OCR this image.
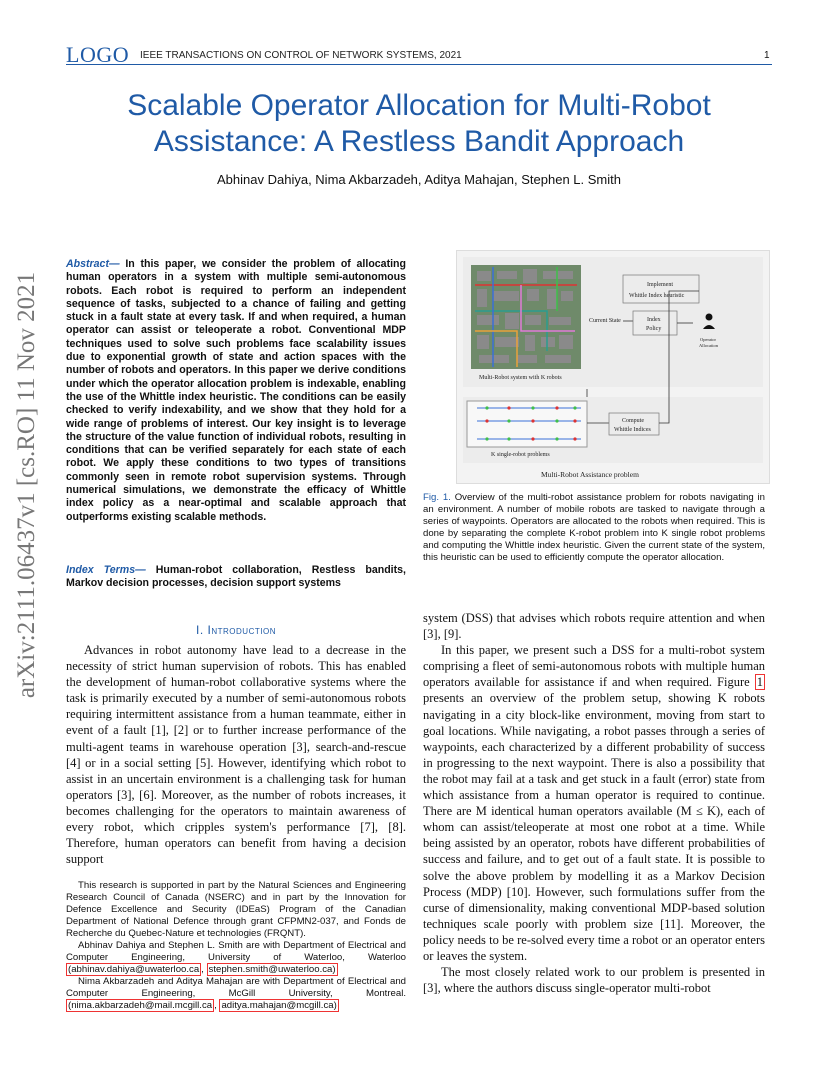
LOGO IEEE TRANSACTIONS ON CONTROL OF NETWORK SYSTEMS, 2021	1
Scalable Operator Allocation for Multi-Robot
Assistance: A Restless Bandit Approach
Abhinav Dahiya, Nima Akbarzadeh, Aditya Mahajan, Stephen L. Smith
arXiv:2111.06437v1 [cs.RO] 11 Nov 2021
Abstract— In this paper, we consider the problem of allocating human operators in a system with multiple semi-autonomous robots. Each robot is required to perform an independent sequence of tasks, subjected to a chance of failing and getting stuck in a fault state at every task. If and when required, a human operator can assist or teleoperate a robot. Conventional MDP techniques used to solve such problems face scalability issues due to exponential growth of state and action spaces with the number of robots and operators. In this paper we derive conditions under which the operator allocation problem is indexable, enabling the use of the Whittle index heuristic. The conditions can be easily checked to verify indexability, and we show that they hold for a wide range of problems of interest. Our key insight is to leverage the structure of the value function of individual robots, resulting in conditions that can be verified separately for each state of each robot. We apply these conditions to two types of transitions commonly seen in remote robot supervision systems. Through numerical simulations, we demonstrate the efficacy of Whittle index policy as a near-optimal and scalable approach that outperforms existing scalable methods.
Index Terms— Human-robot collaboration, Restless bandits, Markov decision processes, decision support systems
I. Introduction

Advances in robot autonomy have lead to a decrease in the necessity of strict human supervision of robots. This has enabled the development of human-robot collaborative systems where the task is primarily executed by a number of semi-autonomous robots requiring intermittent assistance from a human teammate, either in event of a fault [1], [2] or to further increase performance of the multi-agent teams in warehouse operation [3], search-and-rescue [4] or in a social setting [5]. However, identifying which robot to assist in an uncertain environment is a challenging task for human operators [3], [6]. Moreover, as the number of robots increases, it becomes challenging for the operators to maintain awareness of every robot, which cripples system's performance [7], [8]. Therefore, human operators can benefit from having a decision support

This research is supported in part by the Natural Sciences and Engineering Research Council of Canada (NSERC) and in part by the Innovation for Defence Excellence and Security (IDEaS) Program of the Canadian Department of National Defence through grant CFPMN2-037, and Fonds de Recherche du Quebec-Nature et technologies (FRQNT).

Abhinav Dahiya and Stephen L. Smith are with Department of Electrical and Computer Engineering, University of Waterloo, Waterloo (abhinav.dahiya@uwaterloo.ca , stephen.smith@uwaterloo.ca)

Nima Akbarzadeh and Aditya Mahajan are with Department of Electrical and Computer Engineering, McGill University, Montreal. (nima.akbarzadeh@mail.mcgill.ca , aditya.mahajan@mcgill.ca)

Multi-Robot system with K robots
Implement
Whittle Index heuristic
Current State	Index
Policy
Operator
Allocation
K single-robot problems
Compute
Whittle Indices
Multi-Robot Assistance problem
Fig. 1. Overview of the multi-robot assistance problem for robots navigating in an environment. A number of mobile robots are tasked to navigate through a series of waypoints. Operators are allocated to the robots when required. This is done by separating the complete K-robot problem into K single robot problems and computing the Whittle index heuristic. Given the current state of the system, this heuristic can be used to efficiently compute the operator allocation.

system (DSS) that advises which robots require attention and when [3], [9].

In this paper, we present such a DSS for a multi-robot system comprising a fleet of semi-autonomous robots with multiple human operators available for assistance if and when required. Figure 1 presents an overview of the problem setup, showing K robots navigating in a city block-like environment, moving from start to goal locations. While navigating, a robot passes through a series of waypoints, each characterized by a different probability of success in progressing to the next waypoint. There is also a possibility that the robot may fail at a task and get stuck in a fault (error) state from which assistance from a human operator is required to continue. There are M identical human operators available (M ≤ K), each of whom can assist/teleoperate at most one robot at a time. While being assisted by an operator, robots have different probabilities of success and failure, and to get out of a fault state. It is possible to solve the above problem by modelling it as a Markov Decision Process (MDP) [10]. However, such formulations suffer from the curse of dimensionality, making conventional MDP-based solution techniques scale poorly with problem size [11]. Moreover, the policy needs to be re-solved every time a robot or an operator enters or leaves the system.

The most closely related work to our problem is presented in [3], where the authors discuss single-operator multi-robot
